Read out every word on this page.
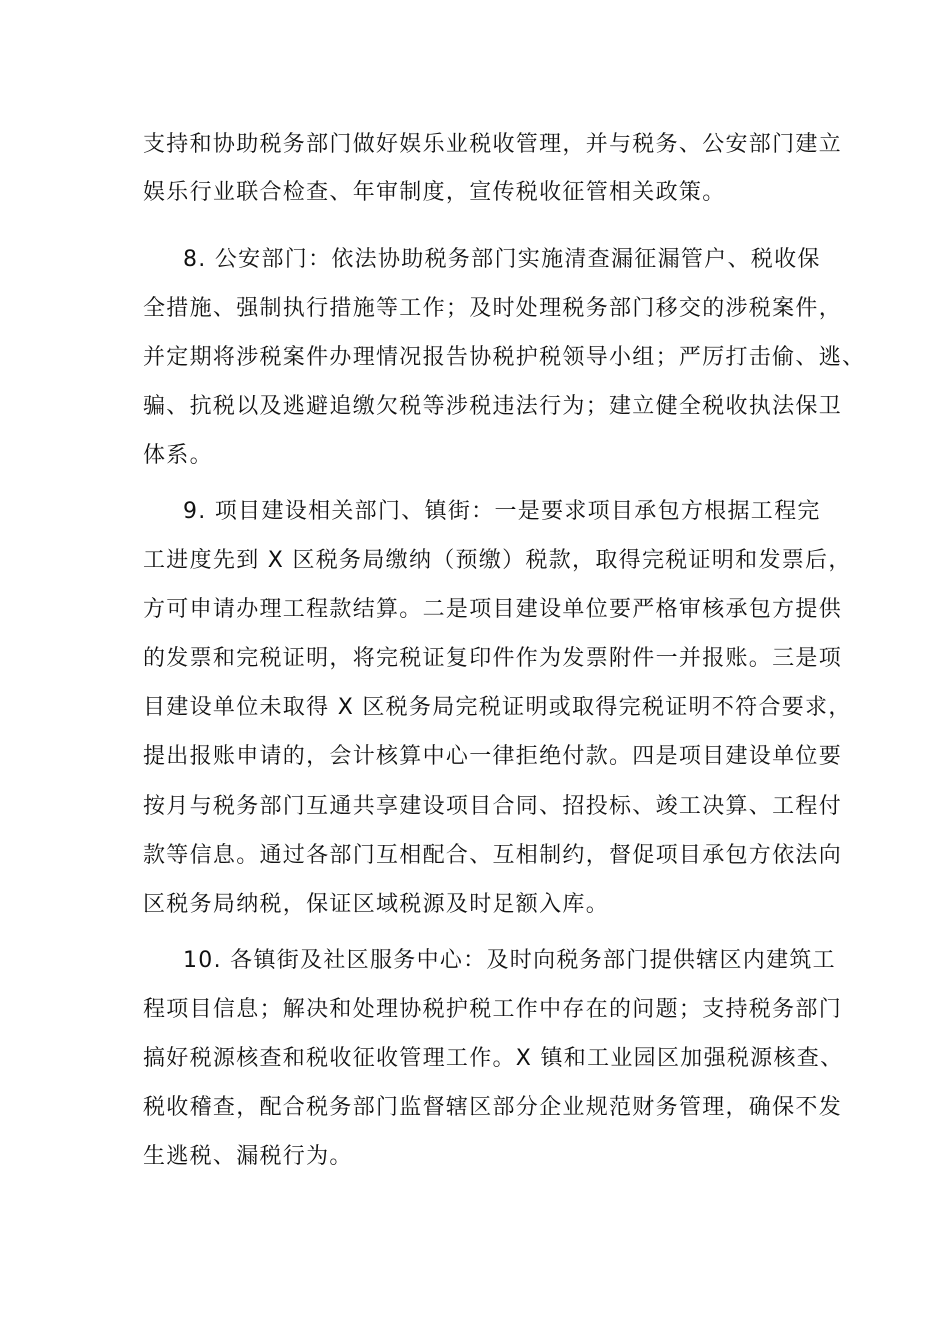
支持和协助税务部门做好娱乐业税收管理，并与税务、公安部门建立
娱乐行业联合检查、年审制度，宣传税收征管相关政策。
8. 公安部门：依法协助税务部门实施清查漏征漏管户、税收保
全措施、强制执行措施等工作；及时处理税务部门移交的涉税案件，
并定期将涉税案件办理情况报告协税护税领导小组；严厉打击偷、逃、
骗、抗税以及逃避追缴欠税等涉税违法行为；建立健全税收执法保卫
体系。
9. 项目建设相关部门、镇街：一是要求项目承包方根据工程完
工进度先到 X 区税务局缴纳（预缴）税款，取得完税证明和发票后，
方可申请办理工程款结算。二是项目建设单位要严格审核承包方提供
的发票和完税证明，将完税证复印件作为发票附件一并报账。三是项
目建设单位未取得 X 区税务局完税证明或取得完税证明不符合要求，
提出报账申请的，会计核算中心一律拒绝付款。四是项目建设单位要
按月与税务部门互通共享建设项目合同、招投标、竣工决算、工程付
款等信息。通过各部门互相配合、互相制约，督促项目承包方依法向
区税务局纳税，保证区域税源及时足额入库。
10. 各镇街及社区服务中心：及时向税务部门提供辖区内建筑工
程项目信息；解决和处理协税护税工作中存在的问题；支持税务部门
搞好税源核查和税收征收管理工作。X 镇和工业园区加强税源核查、
税收稽查，配合税务部门监督辖区部分企业规范财务管理，确保不发
生逃税、漏税行为。
